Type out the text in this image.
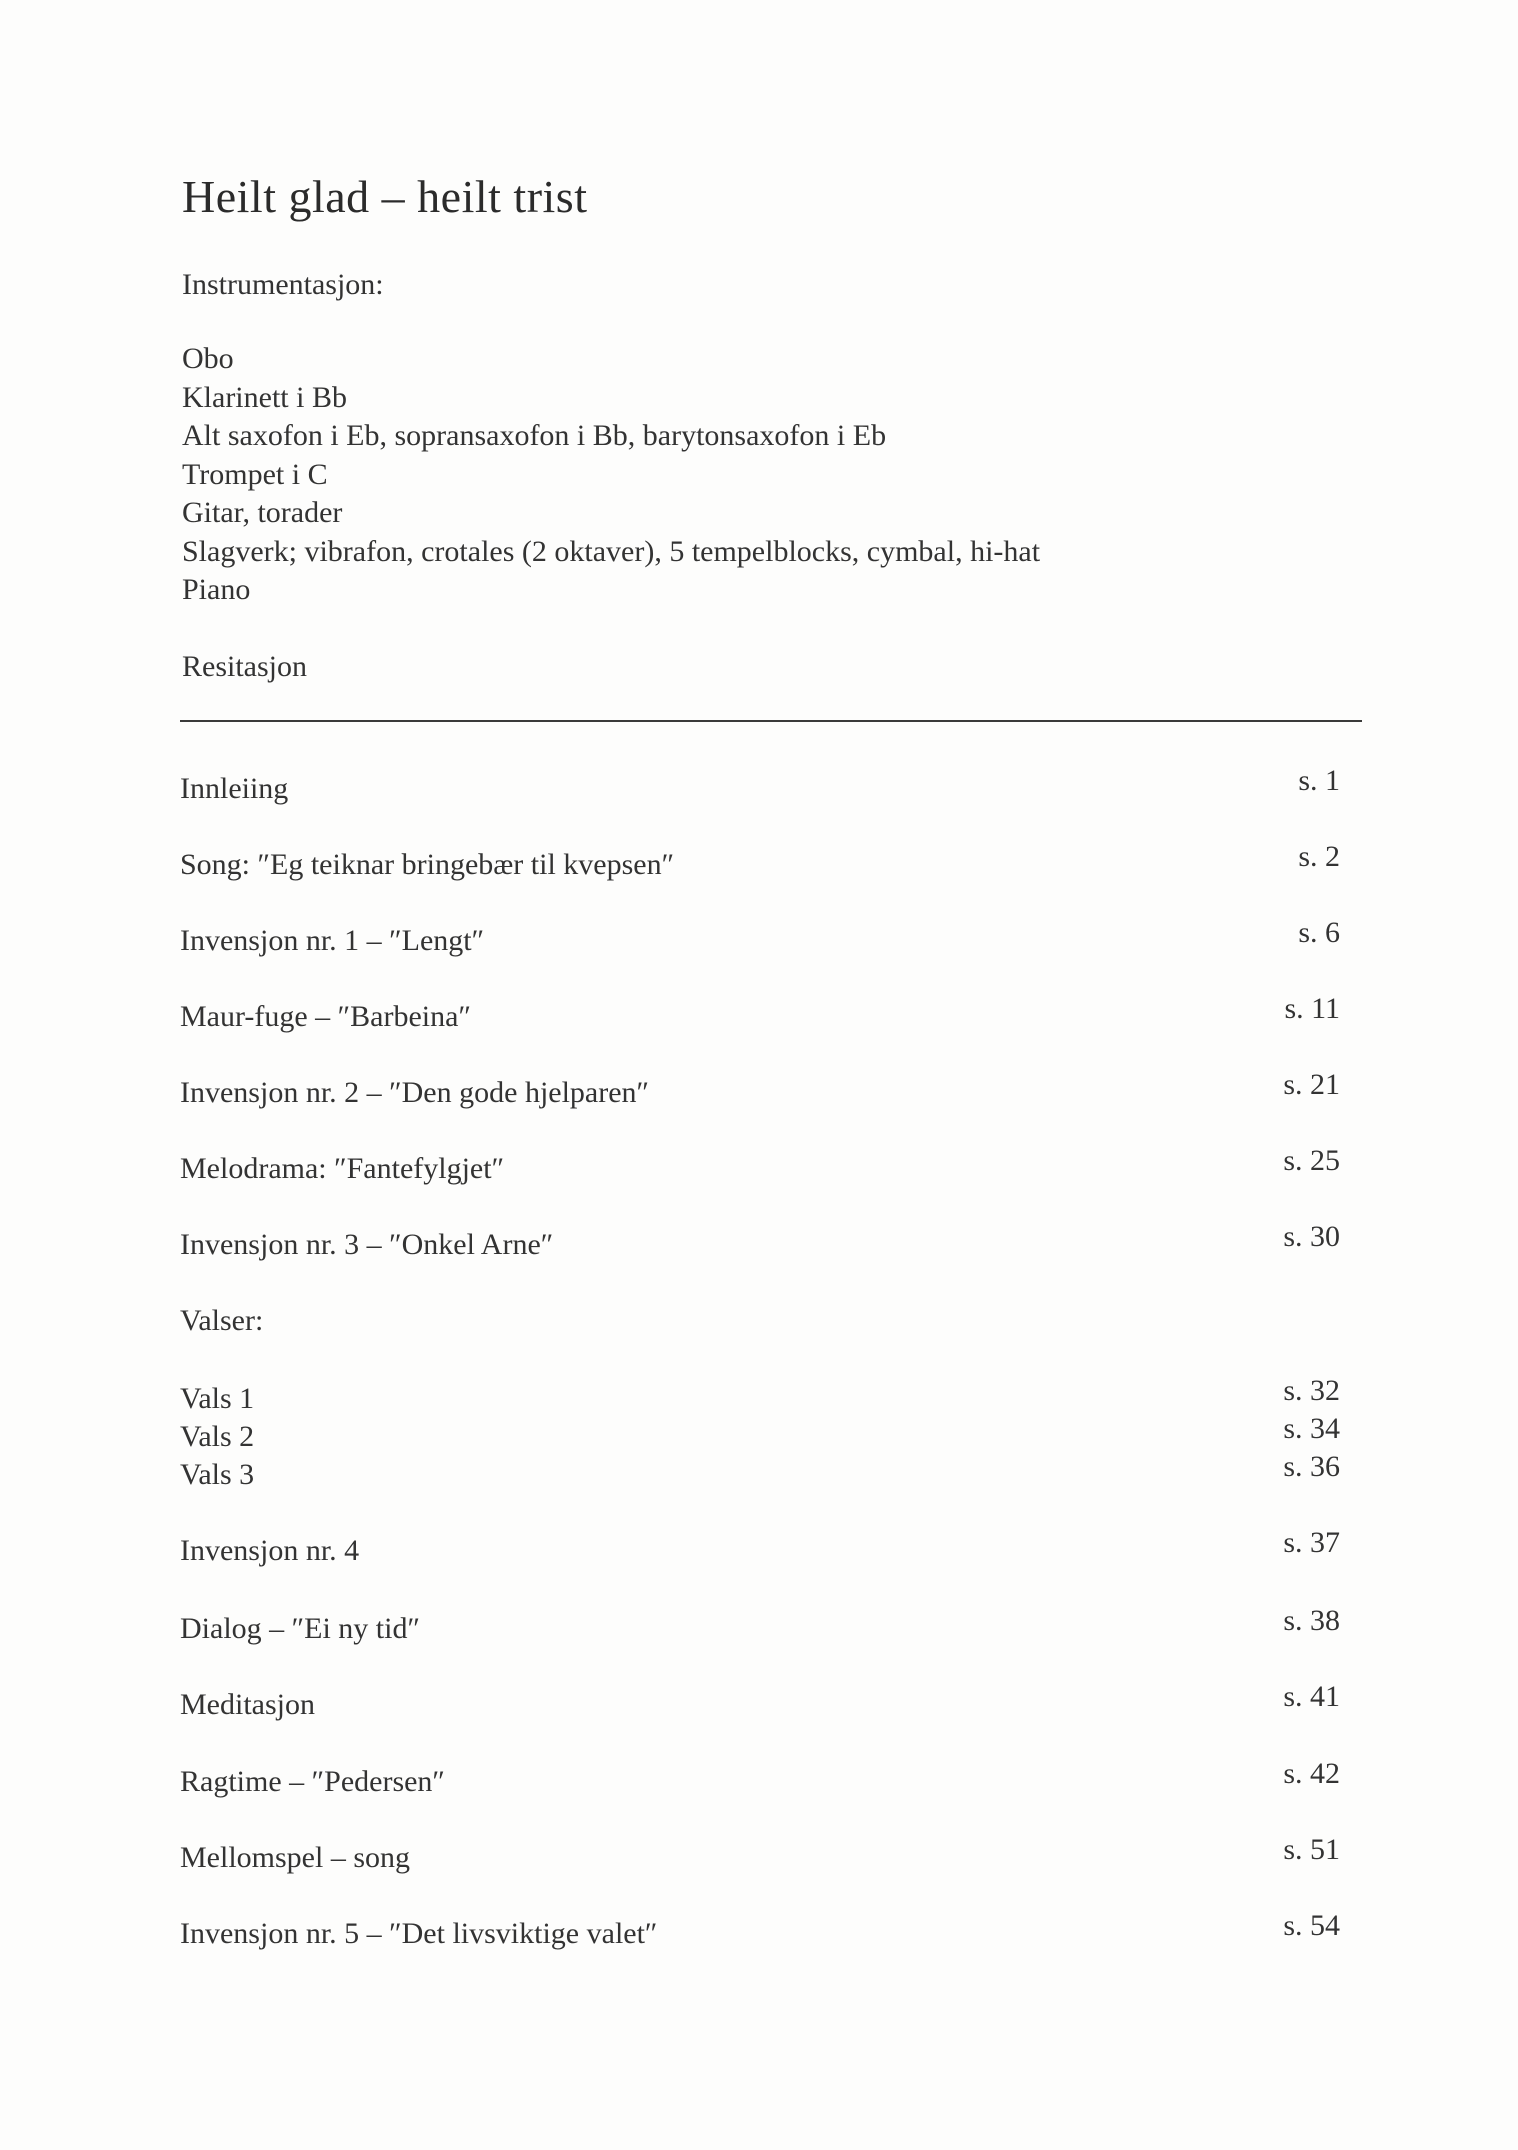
Heilt glad – heilt trist
Instrumentasjon:
Obo
Klarinett i Bb
Alt saxofon i Eb, sopransaxofon i Bb, barytonsaxofon i Eb
Trompet i C
Gitar, torader
Slagverk; vibrafon, crotales (2 oktaver), 5 tempelblocks, cymbal, hi-hat
Piano
Resitasjon
Innleiing	s. 1
Song: ″Eg teiknar bringebær til kvepsen″	s. 2
Invensjon nr. 1 – ″Lengt″	s. 6
Maur-fuge – ″Barbeina″	s. 11
Invensjon nr. 2 – ″Den gode hjelparen″	s. 21
Melodrama: ″Fantefylgjet″	s. 25
Invensjon nr. 3 – ″Onkel Arne″	s. 30
Valser:
Vals 1	s. 32
Vals 2	s. 34
Vals 3	s. 36
Invensjon nr. 4	s. 37
Dialog – ″Ei ny tid″	s. 38
Meditasjon	s. 41
Ragtime – ″Pedersen″	s. 42
Mellomspel – song	s. 51
Invensjon nr. 5 – ″Det livsviktige valet″	s. 54
